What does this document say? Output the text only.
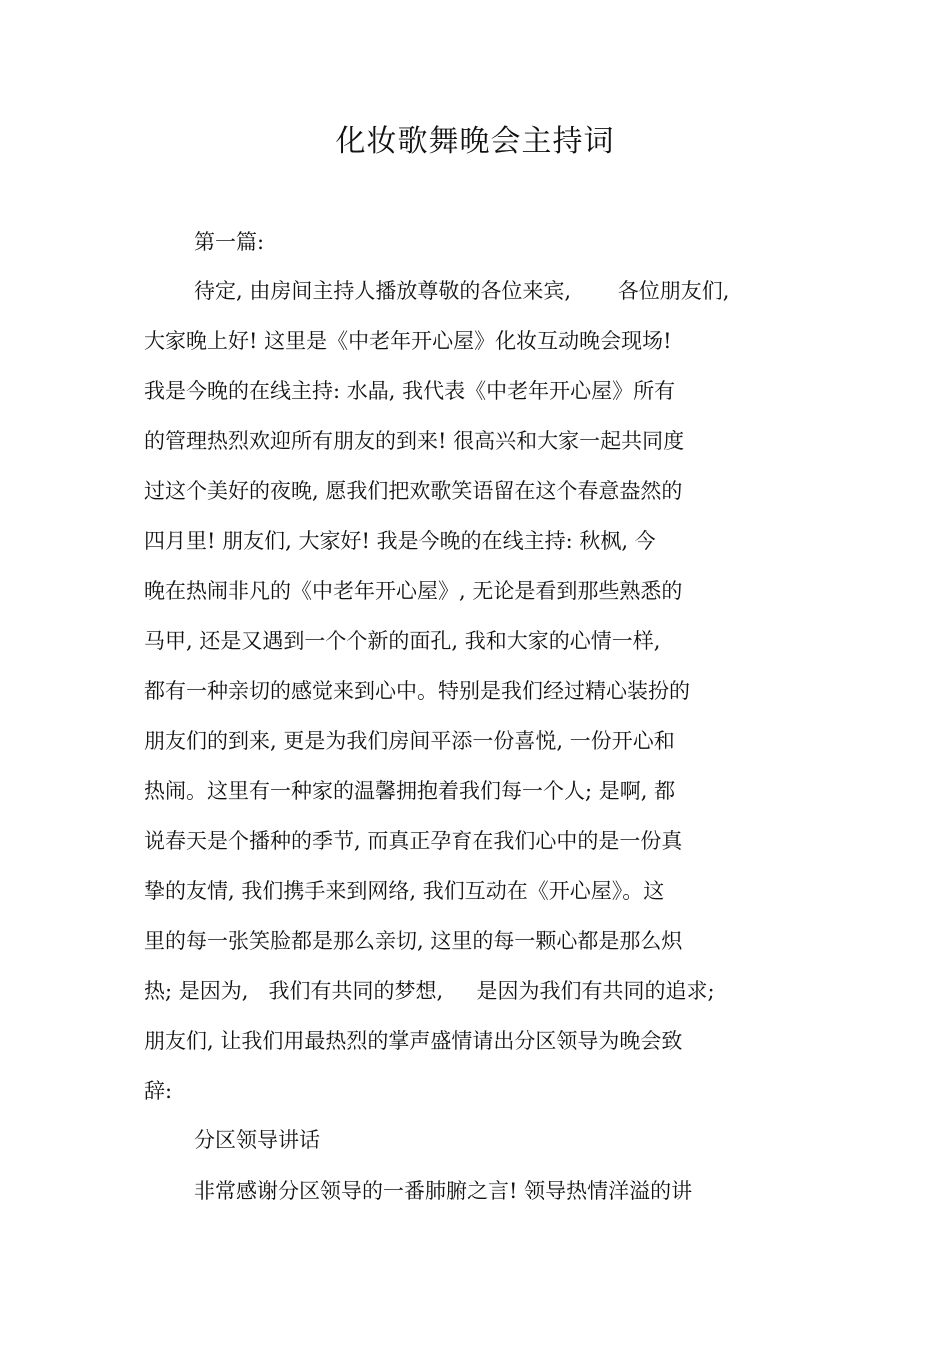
化妆歌舞晚会主持词
第一篇:
待定, 由房间主持人播放尊敬的各位来宾,       各位朋友们,
大家晚上好! 这里是《中老年开心屋》化妆互动晚会现场!
我是今晚的在线主持: 水晶, 我代表《中老年开心屋》所有
的管理热烈欢迎所有朋友的到来! 很高兴和大家一起共同度
过这个美好的夜晚, 愿我们把欢歌笑语留在这个春意盎然的
四月里! 朋友们, 大家好! 我是今晚的在线主持: 秋枫, 今
晚在热闹非凡的《中老年开心屋》, 无论是看到那些熟悉的
马甲, 还是又遇到一个个新的面孔, 我和大家的心情一样,
都有一种亲切的感觉来到心中。特别是我们经过精心装扮的
朋友们的到来, 更是为我们房间平添一份喜悦, 一份开心和
热闹。这里有一种家的温馨拥抱着我们每一个人; 是啊, 都
说春天是个播种的季节, 而真正孕育在我们心中的是一份真
挚的友情, 我们携手来到网络, 我们互动在《开心屋》。这
里的每一张笑脸都是那么亲切, 这里的每一颗心都是那么炽
热; 是因为,   我们有共同的梦想,     是因为我们有共同的追求;
朋友们, 让我们用最热烈的掌声盛情请出分区领导为晚会致
辞:
分区领导讲话
非常感谢分区领导的一番肺腑之言! 领导热情洋溢的讲
